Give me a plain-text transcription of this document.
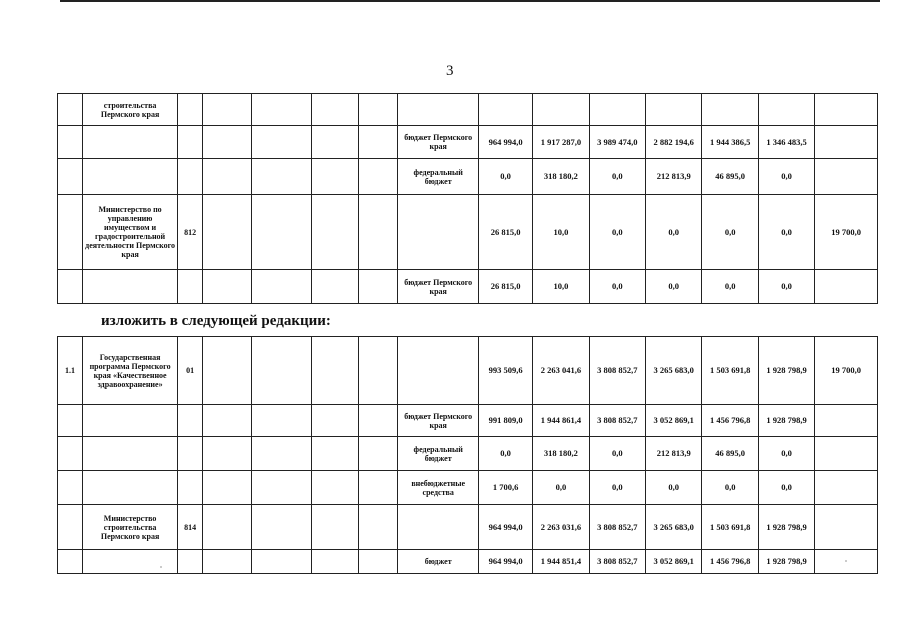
3
	строительства Пермского края													
							бюджет Пермского края	964 994,0	1 917 287,0	3 989 474,0	2 882 194,6	1 944 386,5	1 346 483,5	
							федеральный бюджет	0,0	318 180,2	0,0	212 813,9	46 895,0	0,0	
	Министерство по управлению имуществом и градостроительной деятельности Пермского края	812						26 815,0	10,0	0,0	0,0	0,0	0,0	19 700,0
							бюджет Пермского края	26 815,0	10,0	0,0	0,0	0,0	0,0	
изложить в следующей редакции:
1.1	Государственная программа Пермского края «Качественное здравоохранение»	01						993 509,6	2 263 041,6	3 808 852,7	3 265 683,0	1 503 691,8	1 928 798,9	19 700,0
							бюджет Пермского края	991 809,0	1 944 861,4	3 808 852,7	3 052 869,1	1 456 796,8	1 928 798,9	
							федеральный бюджет	0,0	318 180,2	0,0	212 813,9	46 895,0	0,0	
							внебюджетные средства	1 700,6	0,0	0,0	0,0	0,0	0,0	
	Министерство строительства Пермского края	814						964 994,0	2 263 031,6	3 808 852,7	3 265 683,0	1 503 691,8	1 928 798,9	
							бюджет	964 994,0	1 944 851,4	3 808 852,7	3 052 869,1	1 456 796,8	1 928 798,9	
